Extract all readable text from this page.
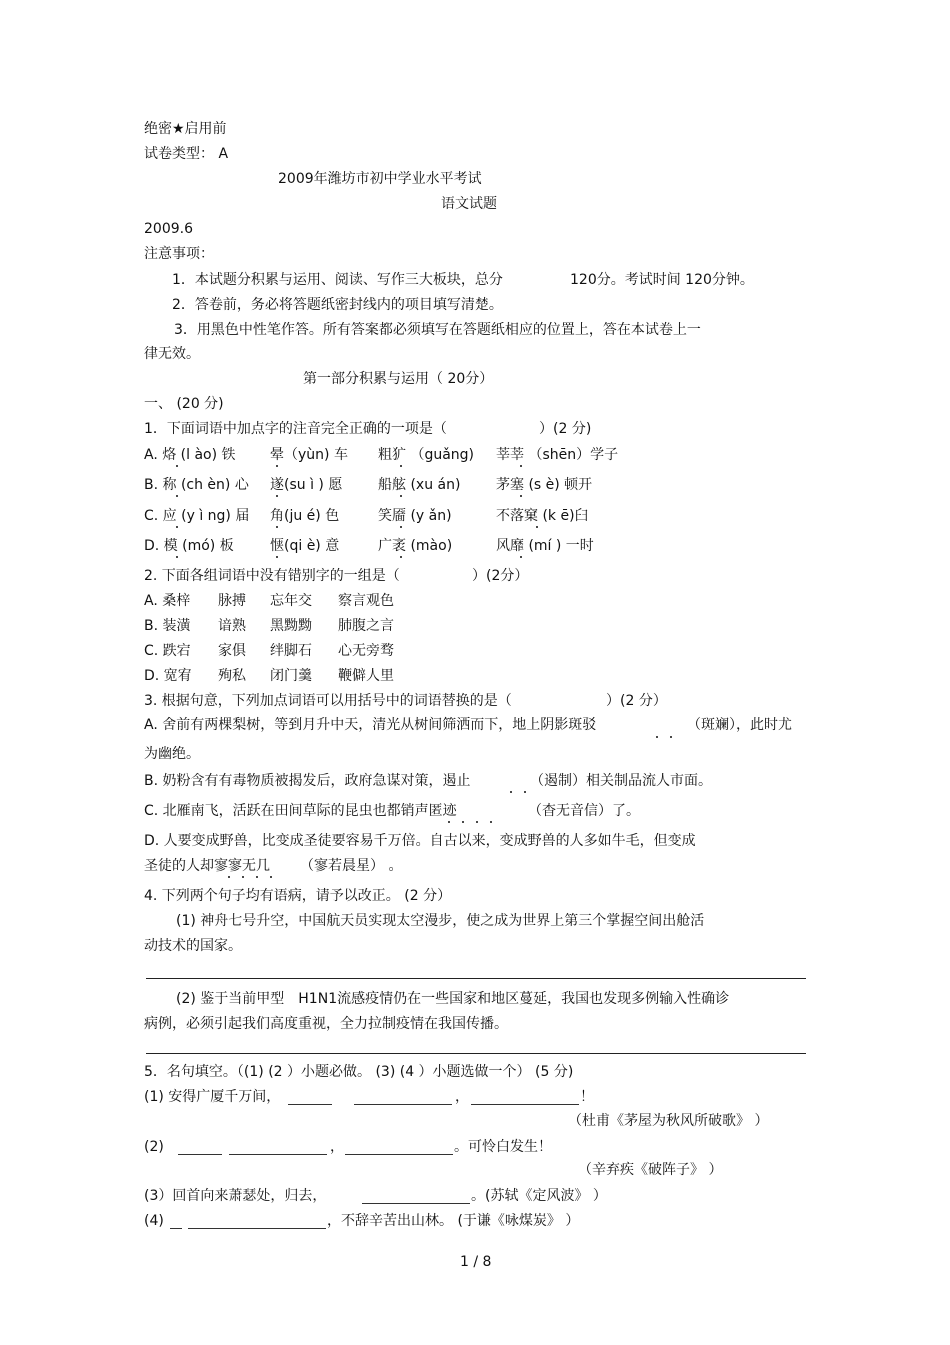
绝密★启用前
试卷类型： A
2009年潍坊市初中学业水平考试
语文试题
2009.6
注意事项：
1．本试题分积累与运用、阅读、写作三大板块，总分	120分。考试时间 120分钟。
2．答卷前，务必将答题纸密封线内的项目填写清楚。
3．用黑色中性笔作答。所有答案都必须填写在答题纸相应的位置上，答在本试卷上一
律无效。
第一部分积累与运用（ 20分）
一、 (20 分)
1．下面词语中加点字的注音完全正确的一项是（	）(2 分)
A. 烙 (l ào) 铁 晕（yùn) 车 粗犷 （guǎng) 莘莘 （shēn）学子
B. 称 (ch èn) 心 遂(su ì ) 愿	船舷 (xu án)	茅塞 (s è) 顿开
C. 应 (y ì ng) 届 角(ju é) 色	笑靥 (y ǎn)	不落窠 (k ē)臼
D. 模 (mó) 板	惬(qi è) 意	广袤 (mào)	风靡 (mí ) 一时
2. 下面各组词语中没有错别字的一组是（	）(2分）
A. 桑梓 脉搏 忘年交 察言观色
B. 装潢 谙熟 黑黝黝 肺腹之言
C. 跌宕 家俱 绊脚石 心无旁骛
D. 宽宥 殉私 闭门羹 鞭僻人里
3. 根据句意，下列加点词语可以用括号中的词语替换的是（	）(2 分）
A. 舍前有两棵梨树，等到月升中天，清光从树间筛洒而下，地上阴影斑驳	（斑斓），此时尤
为幽绝。
B. 奶粉含有有毒物质被揭发后，政府急谋对策，遏止	（遏制）相关制品流人市面。
C. 北雁南飞，活跃在田间草际的昆虫也都销声匿迹	（杳无音信）了。
D. 人要变成野兽，比变成圣徒要容易千万倍。自古以来，变成野兽的人多如牛毛，但变成
圣徒的人却寥寥无几 （寥若晨星） 。
4. 下列两个句子均有语病，请予以改正。 (2 分）
(1) 神舟七号升空，中国航天员实现太空漫步，使之成为世界上第三个掌握空间出舱活
动技术的国家。
(2) 鉴于当前甲型 H1N1流感疫情仍在一些国家和地区蔓延，我国也发现多例输入性确诊
病例，必须引起我们高度重视，全力拉制疫情在我国传播。
5．名句填空。（(1) (2 ）小题必做。 (3) (4 ）小题选做一个） (5 分)
(1) 安得广厦千万间，	，	！
（杜甫《茅屋为秋风所破歌》 ）
(2)	，	。可怜白发生！
（辛弃疾《破阵子》 ）
(3）回首向来萧瑟处，归去，	。(苏轼《定风波》 ）
(4)	，不辞辛苦出山林。 (于谦《咏煤炭》 ）
1 / 8
